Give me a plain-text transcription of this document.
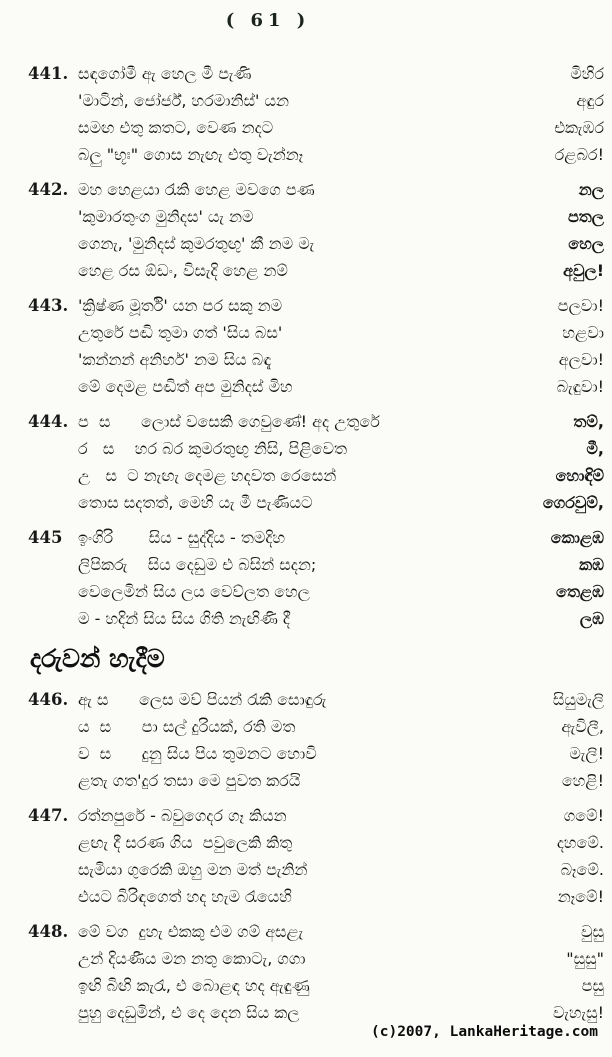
( 61 )
441. සඳගෝමී ඇ හෙල මී පැණි	මිහිර
'මාටින්, ජෝර්ජ්, හරමානිස්' යන	අඳුර
සමඟ එතු කතට, වෙණ නදට	එකැඹර
බලු "භූඃ" ගොස නැඟැ එතු වැන්නෑ	රළබර!
442. මහ හෙළයා රැකි හෙළ මවගෙ පණ	නල
'කුමාරතුංග මුනිදස' යැ නම	පතල
ගෙනැ, 'මුනිදස් කුමරතුඟු' කී නම මැ	හෙල
හෙළ රස ඕඩං, විසැදි හෙළ නම්	අවුල!
443. 'ක්‍රිෂ්ණ මූර්ති' යන පර සකු නම	පලවා!
උතුරේ පඬි තුමා ගත් 'සිය බස'	හළවා
'කන්නන් අනිහර්' නම සිය බඳැ	අලවා!
මේ දෙමළ පඬිත් අප මුනිදස් මිහ	බැඳුවා!
444. ප  ස      ලොස් වසෙකි ගෙවුණේ! අද උතුරේ	තම්,
ර   ස    හර බර කුමරතුඟු නිසි, පිළිවෙත	මී,
උ   ස  ට නැඟැ දෙමළ හදවත රෙසෙන්	හොඳිම්
තොස සදතත්, මෙහි යැ මී පැණියට	ගෙරවුම්,
445 ඉංගිරි       සිය - සුද්දිය - තමදිහ	කොළඹ
ලිපිකරු    සිය දෙඩුම එ බසින් සදන;	කඹ
වෙලෙමින් සිය ලය වෙව්ලත හෙල	තෙළඹ
ම - හදින් සිය සිය ගිති නැඟිණි දී	ලඹ
දරුවන් හැදීම
446. ඇ ස      ලෙස මව් පියන් රැකි සොඳුරු	සියුමැලි
ය  ස      පා සල් දුරියක්, රති මත	ඇවිලී,
ව  ස      දුනු සිය පිය තුමනට හොවි	මැලි!
ළතැ ගත'දුර තසා මෙ පුවත කරයි	හෙළි!
447. රත්නපුරේ - බවුගෙදර ගෑ කියන	ගමේ!
ළඟැ දී සරණ ගිය  පවුලෙකි කිතු	දහමේ.
සැමියා ගුරෙකි ඔහු මන මත් පැනින්	බෑමේ.
එයට බිරිඳගෙත් හද හැම රැයෙහි	නෑමේ!
448. මේ වග  දුහැ එකකු එම ගම් අසළැ	වුසු
උන් දියණීය මන නතු කොටැ, ගගා	"සුසු"
ඉඟි බිඟි කැරැ, එ බොළඳ හද ඇඳුණු	පසු
පුහු දෙඩුමින්, එ දෙ දෙන සිය කල	වැහැසු!
(c)2007, LankaHeritage.com
